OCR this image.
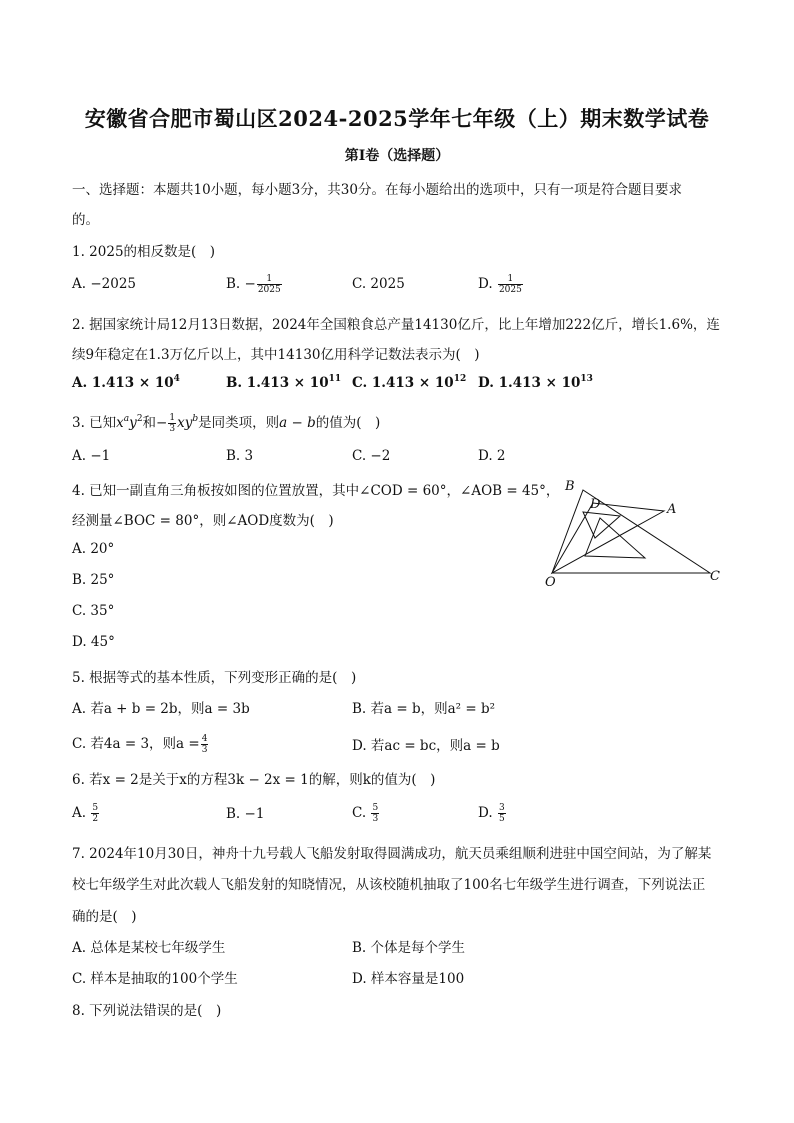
安徽省合肥市蜀山区2024-2025学年七年级（上）期末数学试卷
第I卷（选择题）
一、选择题：本题共10小题，每小题3分，共30分。在每小题给出的选项中，只有一项是符合题目要求
的。
1. 2025的相反数是(　)
A. −2025	B. − $\frac{1}{2025}$	C. 2025	D. $\frac{1}{2025}$
2. 据国家统计局12月13日数据，2024年全国粮食总产量14130亿斤，比上年增加222亿斤，增长1.6%，连
续9年稳定在1.3万亿斤以上，其中14130亿用科学记数法表示为(　)
A. $1.413 \times 10^4$	B. $1.413 \times 10^{11}$ C. $1.413 \times 10^{12}$ D. $1.413 \times 10^{13}$
3. 已知$x^ay^2$和− $\frac{1}{3} xy^b$是同类项，则a − b的值为(　)
A. −1	B. 3	C. −2	D. 2
4. 已知一副直角三角板按如图的位置放置，其中∠COD = 60°，∠AOB = 45°，
经测量∠BOC = 80°，则∠AOD度数为(　)
A. 20°
B. 25°
C. 35°
D. 45°
B
D	A
O	C
5. 根据等式的基本性质，下列变形正确的是(　)
A. 若a + b = 2b，则a = 3b	B. 若a = b，则a² = b²
C. 若4a = 3，则$a = \frac{4}{3}$	D. 若ac = bc，则a = b
6. 若x = 2是关于x的方程3k − 2x = 1的解，则k的值为(　)
A. $\frac{5}{2}$	B. −1	C. $\frac{5}{3}$	D. $\frac{3}{5}$
7. 2024年10月30日，神舟十九号载人飞船发射取得圆满成功，航天员乘组顺利进驻中国空间站，为了解某
校七年级学生对此次载人飞船发射的知晓情况，从该校随机抽取了100名七年级学生进行调查，下列说法正
确的是(　)
A. 总体是某校七年级学生	B. 个体是每个学生
C. 样本是抽取的100个学生	D. 样本容量是100
8. 下列说法错误的是(　)
